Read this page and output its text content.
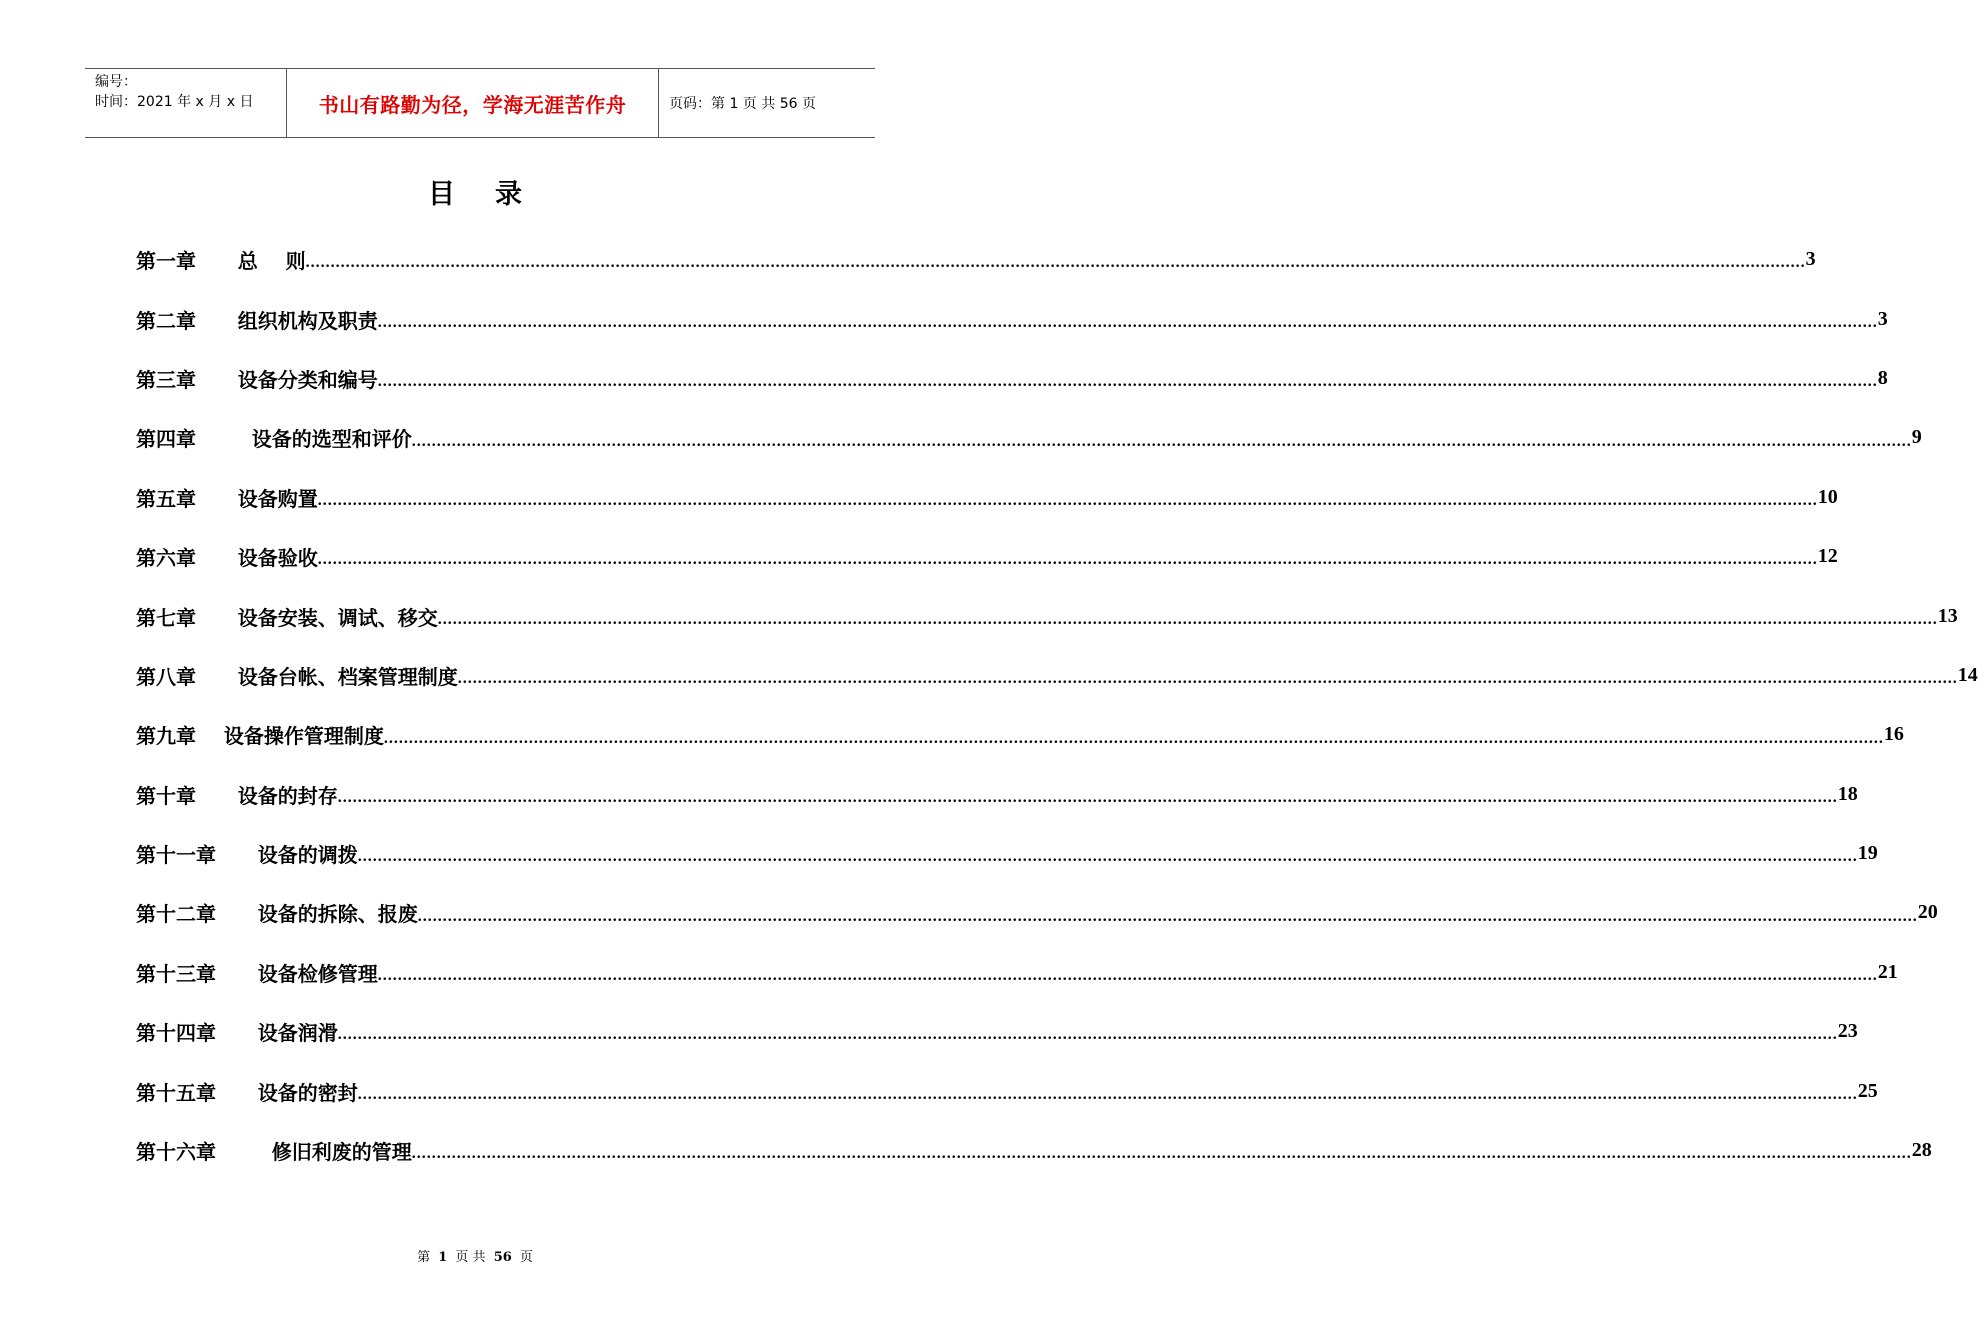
编号：
时间：2021 年 x 月 x 日	书山有路勤为径，学海无涯苦作舟	页码：第 1 页 共 56 页
目录
第一章      总    则 ............................................................................................................................................................................................................................................................................................................ 3
第二章      组织机构及职责 ............................................................................................................................................................................................................................................................................................................ 3
第三章      设备分类和编号 ............................................................................................................................................................................................................................................................................................................ 8
第四章        设备的选型和评价 ............................................................................................................................................................................................................................................................................................................ 9
第五章      设备购置 ............................................................................................................................................................................................................................................................................................................ 10
第六章      设备验收 ............................................................................................................................................................................................................................................................................................................ 12
第七章      设备安装、调试、移交 ............................................................................................................................................................................................................................................................................................................ 13
第八章      设备台帐、档案管理制度 ............................................................................................................................................................................................................................................................................................................ 14
第九章    设备操作管理制度 ............................................................................................................................................................................................................................................................................................................ 16
第十章      设备的封存 ............................................................................................................................................................................................................................................................................................................ 18
第十一章      设备的调拨 ............................................................................................................................................................................................................................................................................................................ 19
第十二章      设备的拆除、报废 ............................................................................................................................................................................................................................................................................................................ 20
第十三章      设备检修管理 ............................................................................................................................................................................................................................................................................................................ 21
第十四章      设备润滑 ............................................................................................................................................................................................................................................................................................................ 23
第十五章      设备的密封 ............................................................................................................................................................................................................................................................................................................ 25
第十六章        修旧利废的管理 ............................................................................................................................................................................................................................................................................................................ 28
第 1 页 共 56 页
